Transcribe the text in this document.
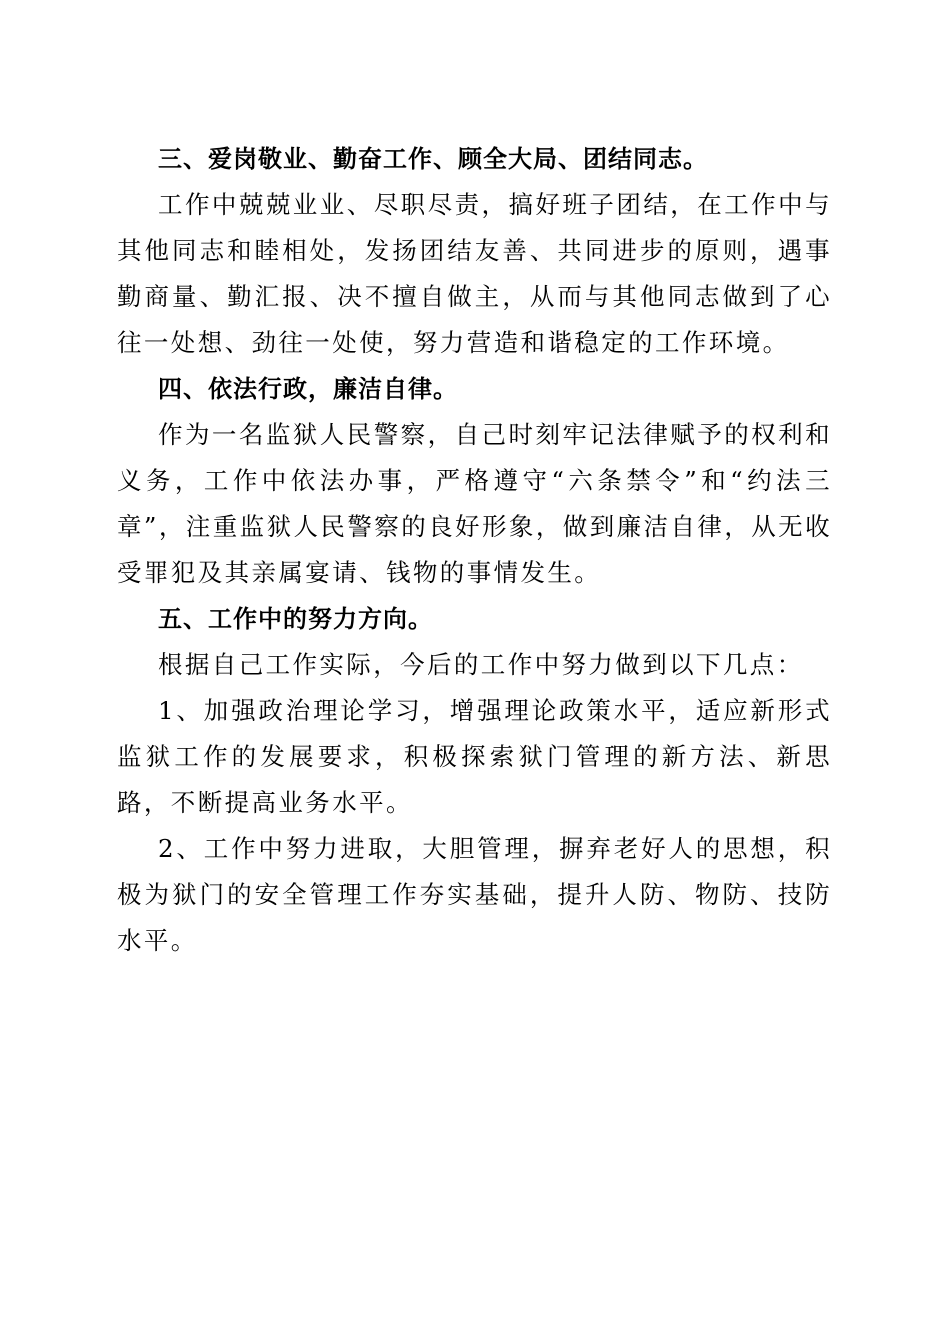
三、爱岗敬业、勤奋工作、顾全大局、团结同志。

工作中兢兢业业、尽职尽责，搞好班子团结，在工作中与其他同志和睦相处，发扬团结友善、共同进步的原则，遇事勤商量、勤汇报、决不擅自做主，从而与其他同志做到了心往一处想、劲往一处使，努力营造和谐稳定的工作环境。

四、依法行政，廉洁自律。

作为一名监狱人民警察，自己时刻牢记法律赋予的权利和义务，工作中依法办事，严格遵守“六条禁令”和“约法三章”，注重监狱人民警察的良好形象，做到廉洁自律，从无收受罪犯及其亲属宴请、钱物的事情发生。

五、工作中的努力方向。

根据自己工作实际，今后的工作中努力做到以下几点：

1、加强政治理论学习，增强理论政策水平，适应新形式监狱工作的发展要求，积极探索狱门管理的新方法、新思路，不断提高业务水平。

2、工作中努力进取，大胆管理，摒弃老好人的思想，积极为狱门的安全管理工作夯实基础，提升人防、物防、技防水平。
